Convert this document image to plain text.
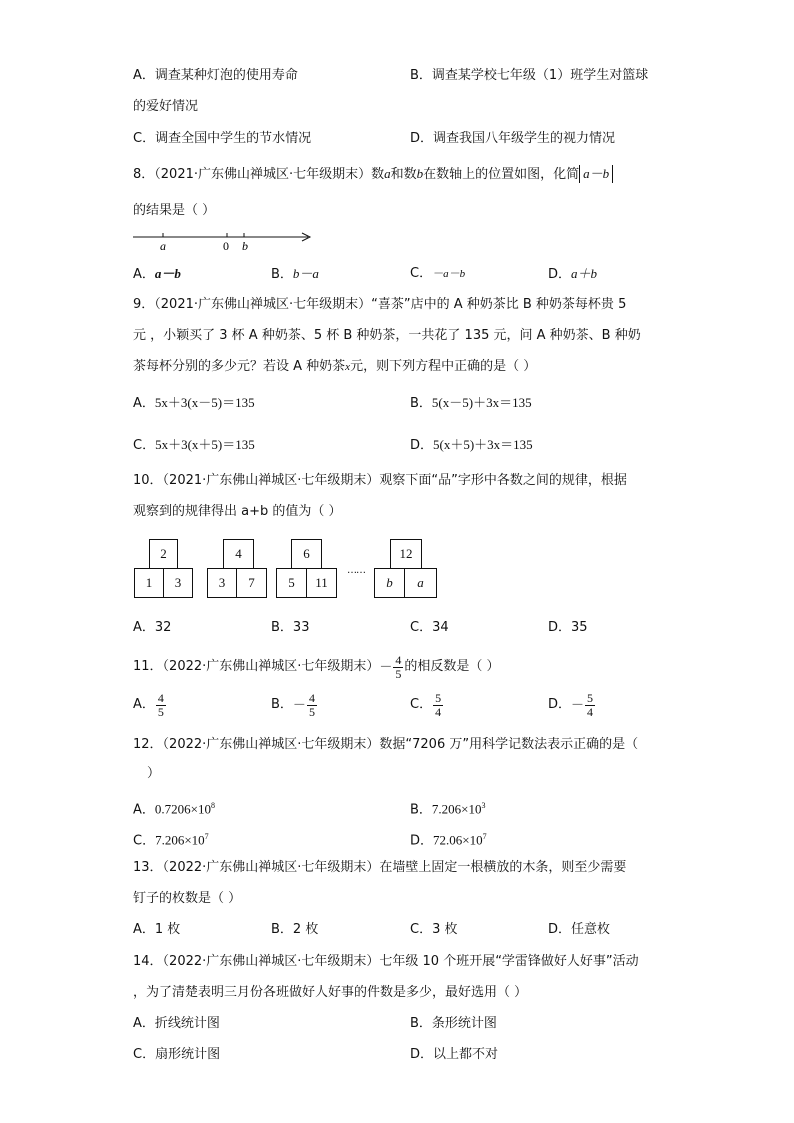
A．调查某种灯泡的使用寿命	B．调查某学校七年级（1）班学生对篮球
的爱好情况
C．调查全国中学生的节水情况	D．调查我国八年级学生的视力情况
8．（2021·广东佛山禅城区·七年级期末）数a和数b在数轴上的位置如图，化简 a－b
的结果是（ ）
a	0 b
A．a－b	B．b－a	C．－a－b	D．a＋b
9．（2021·广东佛山禅城区·七年级期末）“喜茶”店中的 A 种奶茶比 B 种奶茶每杯贵 5
元 ，小颖买了 3 杯 A 种奶茶、5 杯 B 种奶茶，一共花了 135 元，问 A 种奶茶、B 种奶
茶每杯分别的多少元？若设 A 种奶茶x元，则下列方程中正确的是（ ）
A．5x＋3(x－5)＝135	B．5(x－5)＋3x＝135
C．5x＋3(x＋5)＝135	D．5(x＋5)＋3x＝135
10．（2021·广东佛山禅城区·七年级期末）观察下面“品”字形中各数之间的规律，根据
观察到的规律得出 a+b 的值为（ ）
2
1	3
4
3	7
6
5	11
……
12
b	a
A．32	B．33	C．34	D．35
11．（2022·广东佛山禅城区·七年级期末） － $\frac{4}{5}$ 的相反数是（ ）
A． $\frac{4}{5}$	B． － $\frac{4}{5}$	C． $\frac{5}{4}$	D． － $\frac{5}{4}$
12．（2022·广东佛山禅城区·七年级期末）数据“7206 万”用科学记数法表示正确的是（
）
A．$0.7206\times 10^8$	B．$7.206\times 10^3$
C．$7.206\times 10^7$	D．$72.06\times 10^7$
13．（2022·广东佛山禅城区·七年级期末）在墙壁上固定一根横放的木条，则至少需要
钉子的枚数是（ ）
A．1 枚	B．2 枚	C．3 枚	D．任意枚
14．（2022·广东佛山禅城区·七年级期末）七年级 10 个班开展“学雷锋做好人好事”活动
，为了清楚表明三月份各班做好人好事的件数是多少，最好选用（ ）
A．折线统计图	B．条形统计图
C．扇形统计图	D．以上都不对
